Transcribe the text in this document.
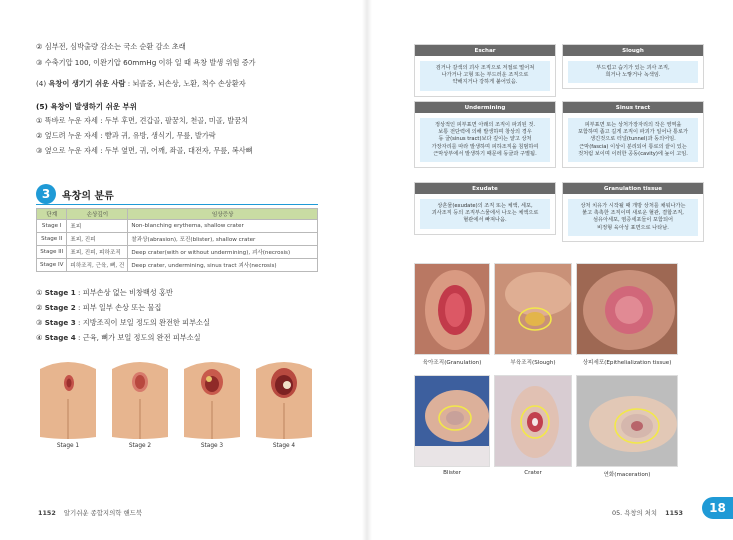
② 심부전, 심박출량 감소는 국소 순환 감소 초래
③ 수축기압 100, 이완기압 60mmHg 이하 일 때 욕창 발생 위험 증가
(4) 욕창이 생기기 쉬운 사람 : 뇌졸중, 뇌손상, 노환, 척수 손상환자
(5) 욕창이 발생하기 쉬운 부위
① 똑바로 누운 자세 : 두부 후면, 견갑골, 팔꿈치, 천골, 미골, 발꿈치
② 엎드려 누운 자세 : 뺨과 귀, 유방, 생식기, 무릎, 발가락
③ 옆으로 누운 자세 : 두부 옆면, 귀, 어깨, 좌골, 대전자, 무릎, 복사뼈
3	욕창의 분류
단계	손상깊이	임상증상
Stage I	표피	Non-blanching erythema, shallow crater
Stage II	표피, 진피	찰과상(abrasion), 포진(blister), shallow crater
Stage III	표피, 진피, 피하조직	Deep crater(with or without undermining), 괴사(necrosis)
Stage IV	피하조직, 근육, 뼈, 건	Deep crater, undermining, sinus tract 괴사(necrosis)
① Stage 1 : 피부손상 없는 비창백성 홍반
② Stage 2 : 피부 일부 손상 또는 물집
③ Stage 3 : 지방조직이 보일 정도의 완전한 피부소실
④ Stage 4 : 근육, 뼈가 보일 정도의 완전 피부소실
Stage 1	Stage 2	Stage 3	Stage 4
1152 알기쉬운 종합지의학 핸드북
Eschar
검거나 갈색의 괴사 조직으로 저절로 떨어져
나가거나 고형 또는 부드러운 조직으로
약해지거나 강하게 붙어있음.
Slough
부드럽고 습기가 있는 괴사 조직,
희거나 노랗거나 녹색임.
Undermining
정상적인 피부표면 아래의 조직이 파괴된 것.
보통 전단력에 의해 발생하며 창상의 경우
동 굴(sinus tract)보다 깊이는 얕고 상처
가장자리를 따라 발생하며 피하조직을 침범하여
근막상부에서 발생하기 때문에 동굴과 구별됨.
Sinus tract
피부표면 또는 상처가장자리의 작은 영역을
포함하며 좁고 길게 조직이 파괴가 일어나 통로가
생긴것으로 터널(tunnel)과 동의어임.
근막(fascia) 이상이 분리되어 통로의 끝이 있는
것처럼 보이며 이러한 공동(cavity)에 높이 고임.
Exudate
상흔물(exudate)의 조직 또는 체액, 세포,
괴사조직 등의 조직부스물에서 나오는 체액으로
혈관에서 빠져나옴.
Granulation tissue
상처 치유가 시작될 때 개방 상처를 채워나가는
붉고 촉촉한 조직이며 새로운 혈관, 결합조직,
섬유아세포, 염증세포들이 포함되어
비정형 육아성 표면으로 나타남.
육아조직(Granulation)	부육조직(Slough)	상피세포(Epithelialization tissue)
Blister	Crater	연화(maceration)
05. 욕창의 처치 1153	18
